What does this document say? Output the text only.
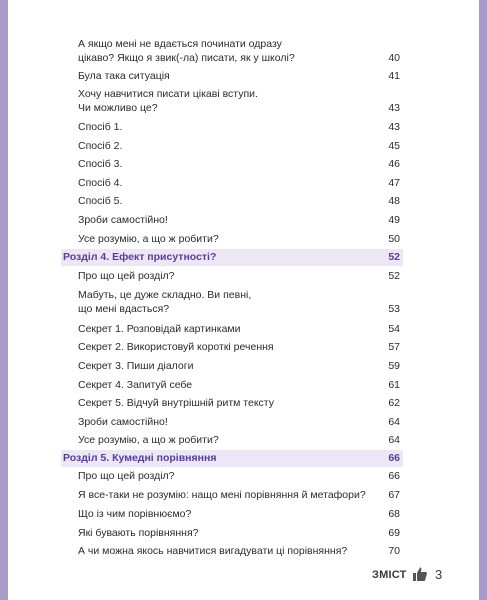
А якщо мені не вдається починати одразу
цікаво? Якщо я звик(-ла) писати, як у школі?	40
Була така ситуація	41
Хочу навчитися писати цікаві вступи.
Чи можливо це?	43
Спосіб 1.	43
Спосіб 2.	45
Спосіб 3.	46
Спосіб 4.	47
Спосіб 5.	48
Зроби самостійно!	49
Усе розумію, а що ж робити?	50
Розділ 4. Ефект присутності?	52
Про що цей розділ?	52
Мабуть, це дуже складно. Ви певні,
що мені вдасться?	53
Секрет 1. Розповідай картинками	54
Секрет 2. Використовуй короткі речення	57
Секрет 3. Пиши діалоги	59
Секрет 4. Запитуй себе	61
Секрет 5. Відчуй внутрішній ритм тексту	62
Зроби самостійно!	64
Усе розумію, а що ж робити?	64
Розділ 5. Кумедні порівняння	66
Про що цей розділ?	66
Я все-таки не розумію: нащо мені порівняння й метафори?	67
Що із чим порівнюємо?	68
Які бувають порівняння?	69
А чи можна якось навчитися вигадувати ці порівняння?	70
ЗМІСТ 3
